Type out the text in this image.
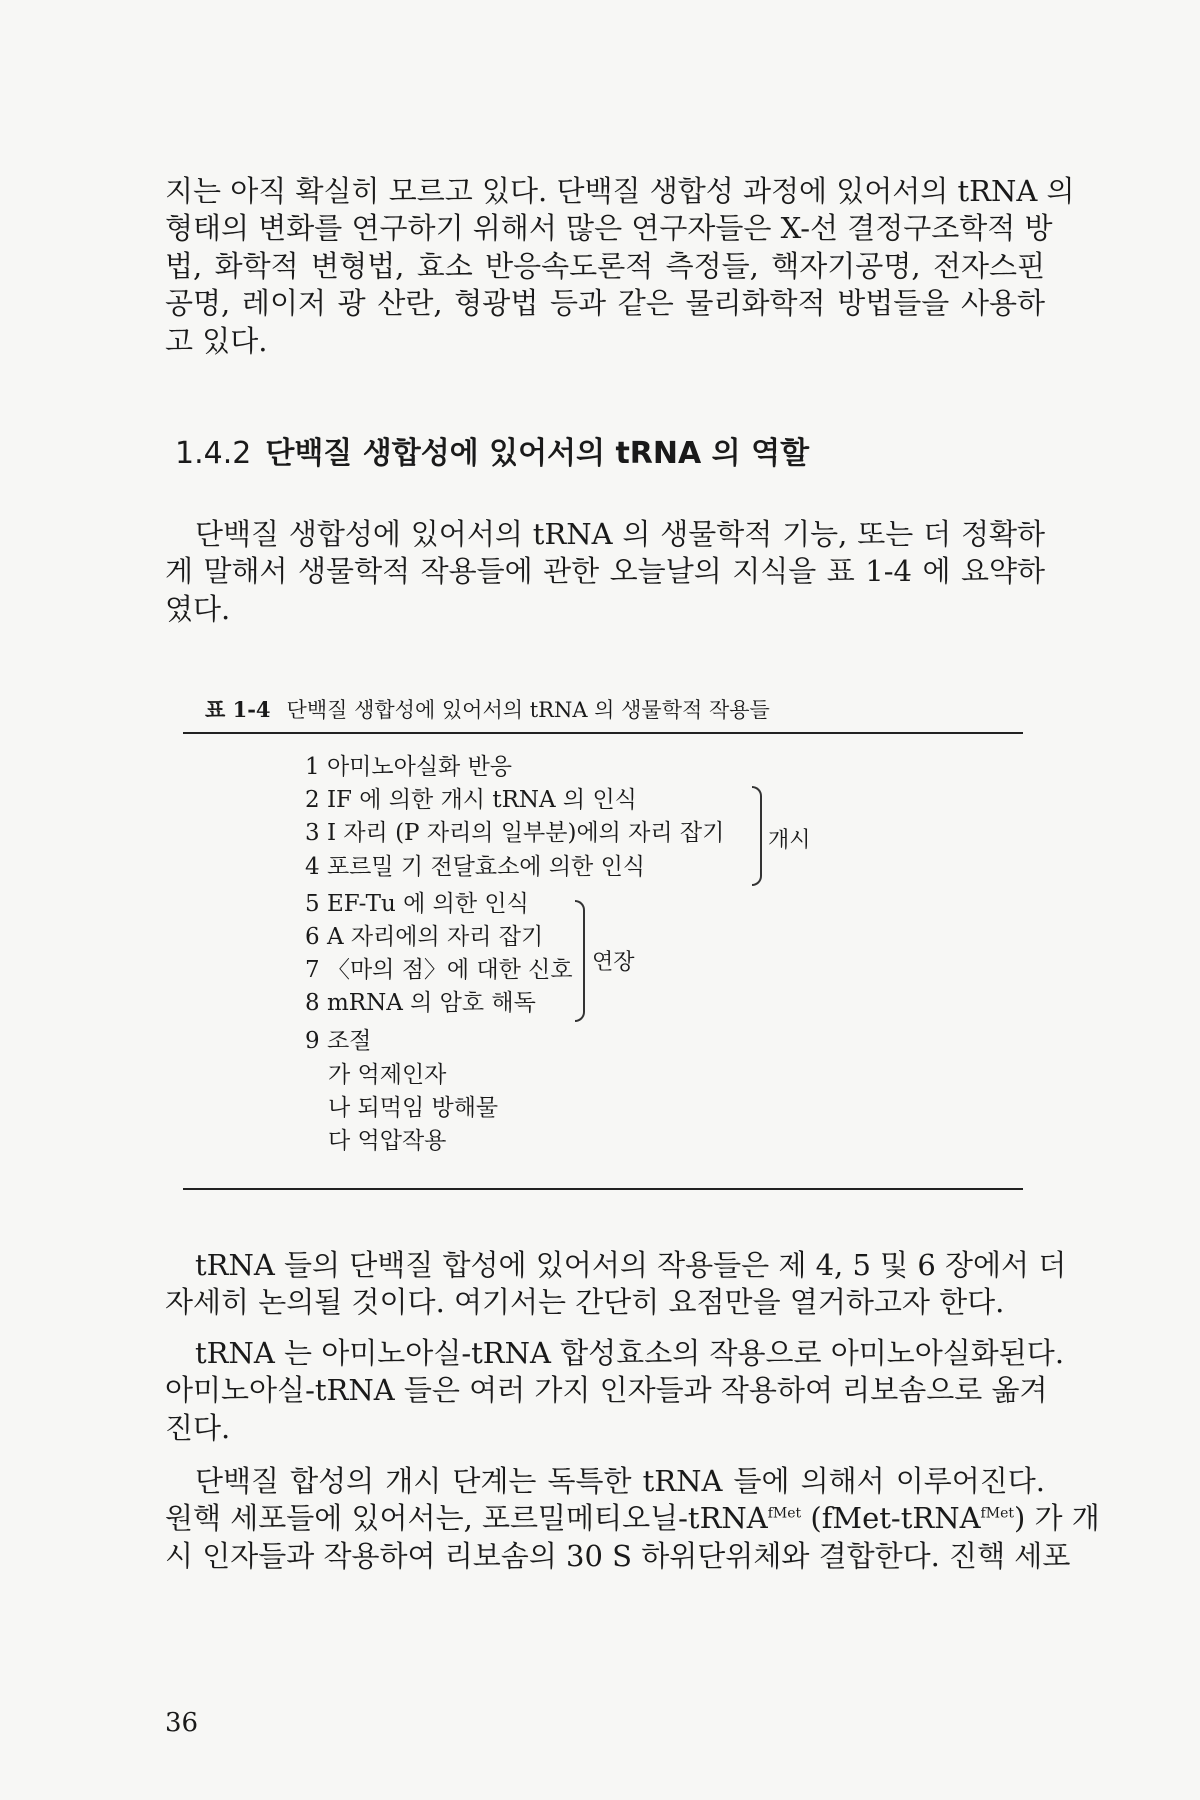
지는 아직 확실히 모르고 있다. 단백질 생합성 과정에 있어서의 tRNA 의
형태의 변화를 연구하기 위해서 많은 연구자들은 X-선 결정구조학적 방
법, 화학적 변형법, 효소 반응속도론적 측정들, 핵자기공명, 전자스핀
공명, 레이저 광 산란, 형광법 등과 같은 물리화학적 방법들을 사용하
고 있다.
1.4.2 단백질 생합성에 있어서의 tRNA 의 역할
단백질 생합성에 있어서의 tRNA 의 생물학적 기능, 또는 더 정확하
게 말해서 생물학적 작용들에 관한 오늘날의 지식을 표 1-4 에 요약하
였다.

표 1-4 단백질 생합성에 있어서의 tRNA 의 생물학적 작용들

1 아미노아실화 반응
2 IF 에 의한 개시 tRNA 의 인식
3 I 자리 (P 자리의 일부분)에의 자리 잡기
4 포르밀 기 전달효소에 의한 인식
5 EF-Tu 에 의한 인식
6 A 자리에의 자리 잡기
7 〈마의 점〉에 대한 신호
8 mRNA 의 암호 해독
9 조절
가 억제인자
나 되먹임 방해물
다 억압작용
개시
연장
tRNA 들의 단백질 합성에 있어서의 작용들은 제 4, 5 및 6 장에서 더
자세히 논의될 것이다. 여기서는 간단히 요점만을 열거하고자 한다.
tRNA 는 아미노아실-tRNA 합성효소의 작용으로 아미노아실화된다.
아미노아실-tRNA 들은 여러 가지 인자들과 작용하여 리보솜으로 옮겨
진다.
단백질 합성의 개시 단계는 독특한 tRNA 들에 의해서 이루어진다.
원핵 세포들에 있어서는, 포르밀메티오닐-tRNA$^{fMet}$ (fMet-tRNA$^{fMet}$) 가 개
시 인자들과 작용하여 리보솜의 30 S 하위단위체와 결합한다. 진핵 세포

36
